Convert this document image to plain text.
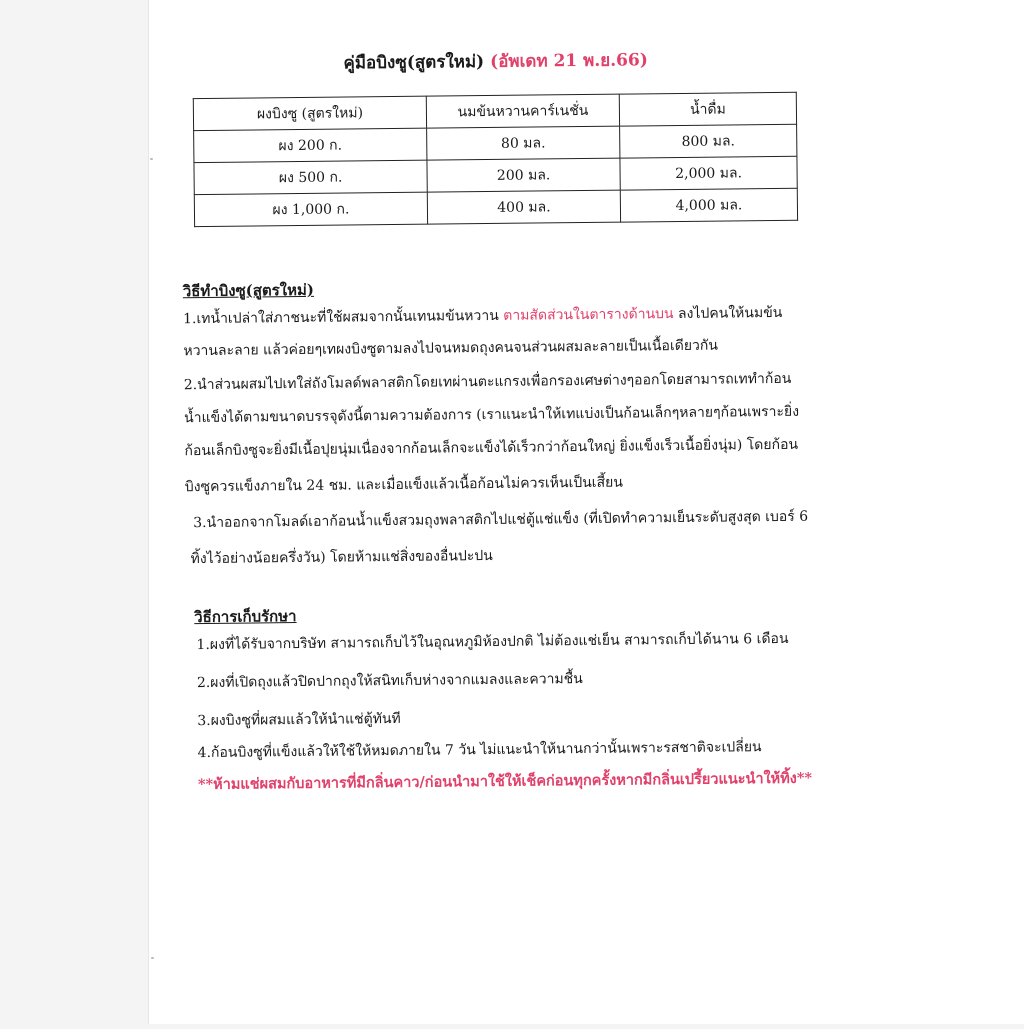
คู่มือบิงซู(สูตรใหม่) (อัพเดท 21 พ.ย.66)
ผงบิงซู (สูตรใหม่)	นมข้นหวานคาร์เนชั่น	น้ำดื่ม
ผง 200 ก.	80 มล.	800 มล.
ผง 500 ก.	200 มล.	2,000 มล.
ผง 1,000 ก.	400 มล.	4,000 มล.
วิธีทำบิงซู(สูตรใหม่)
1.เทน้ำเปล่าใส่ภาชนะที่ใช้ผสมจากนั้นเทนมข้นหวาน ตามสัดส่วนในตารางด้านบน ลงไปคนให้นมข้น
หวานละลาย แล้วค่อยๆเทผงบิงซูตามลงไปจนหมดถุงคนจนส่วนผสมละลายเป็นเนื้อเดียวกัน
2.นำส่วนผสมไปเทใส่ถังโมลด์พลาสติกโดยเทผ่านตะแกรงเพื่อกรองเศษต่างๆออกโดยสามารถเททำก้อน
น้ำแข็งได้ตามขนาดบรรจุดังนี้ตามความต้องการ (เราแนะนำให้เทแบ่งเป็นก้อนเล็กๆหลายๆก้อนเพราะยิ่ง
ก้อนเล็กบิงซูจะยิ่งมีเนื้อปุยนุ่มเนื่องจากก้อนเล็กจะแข็งได้เร็วกว่าก้อนใหญ่ ยิ่งแข็งเร็วเนื้อยิ่งนุ่ม) โดยก้อน
บิงซูควรแข็งภายใน 24 ชม. และเมื่อแข็งแล้วเนื้อก้อนไม่ควรเห็นเป็นเสี้ยน
3.นำออกจากโมลด์เอาก้อนน้ำแข็งสวมถุงพลาสติกไปแช่ตู้แช่แข็ง (ที่เปิดทำความเย็นระดับสูงสุด เบอร์ 6
ทิ้งไว้อย่างน้อยครึ่งวัน) โดยห้ามแช่สิ่งของอื่นปะปน
วิธีการเก็บรักษา
1.ผงที่ได้รับจากบริษัท สามารถเก็บไว้ในอุณหภูมิห้องปกติ ไม่ต้องแช่เย็น สามารถเก็บได้นาน 6 เดือน
2.ผงที่เปิดถุงแล้วปิดปากถุงให้สนิทเก็บห่างจากแมลงและความชื้น
3.ผงบิงซูที่ผสมแล้วให้นำแช่ตู้ทันที
4.ก้อนบิงซูที่แข็งแล้วให้ใช้ให้หมดภายใน 7 วัน ไม่แนะนำให้นานกว่านั้นเพราะรสชาติจะเปลี่ยน
**ห้ามแช่ผสมกับอาหารที่มีกลิ่นคาว/ก่อนนำมาใช้ให้เช็คก่อนทุกครั้งหากมีกลิ่นเปรี้ยวแนะนำให้ทิ้ง**
